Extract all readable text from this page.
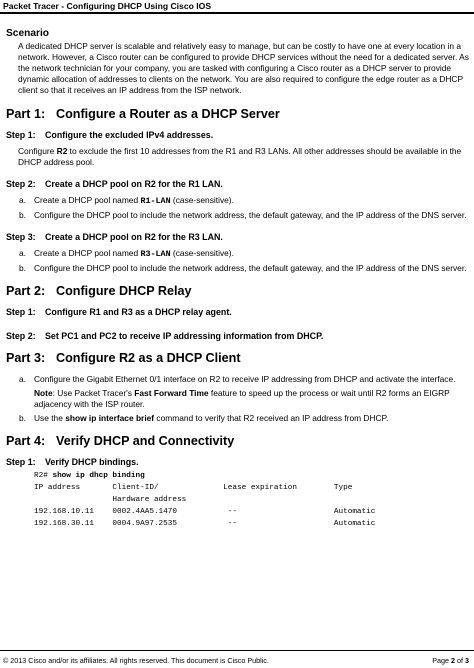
Packet Tracer - Configuring DHCP Using Cisco IOS
Scenario
A dedicated DHCP server is scalable and relatively easy to manage, but can be costly to have one at every location in a network. However, a Cisco router can be configured to provide DHCP services without the need for a dedicated server. As the network technician for your company, you are tasked with configuring a Cisco router as a DHCP server to provide dynamic allocation of addresses to clients on the network. You are also required to configure the edge router as a DHCP client so that it receives an IP address from the ISP network.
Part 1: Configure a Router as a DHCP Server
Step 1: Configure the excluded IPv4 addresses.
Configure R2 to exclude the first 10 addresses from the R1 and R3 LANs. All other addresses should be available in the DHCP address pool.
Step 2: Create a DHCP pool on R2 for the R1 LAN.
a. Create a DHCP pool named R1-LAN (case-sensitive).
b. Configure the DHCP pool to include the network address, the default gateway, and the IP address of the DNS server.
Step 3: Create a DHCP pool on R2 for the R3 LAN.
a. Create a DHCP pool named R3-LAN (case-sensitive).
b. Configure the DHCP pool to include the network address, the default gateway, and the IP address of the DNS server.
Part 2: Configure DHCP Relay
Step 1: Configure R1 and R3 as a DHCP relay agent.
Step 2: Set PC1 and PC2 to receive IP addressing information from DHCP.
Part 3: Configure R2 as a DHCP Client
a. Configure the Gigabit Ethernet 0/1 interface on R2 to receive IP addressing from DHCP and activate the interface.
Note: Use Packet Tracer's Fast Forward Time feature to speed up the process or wait until R2 forms an EIGRP adjacency with the ISP router.
b. Use the show ip interface brief command to verify that R2 received an IP address from DHCP.
Part 4: Verify DHCP and Connectivity
Step 1: Verify DHCP bindings.
R2# show ip dhcp binding
IP address       Client-ID/              Lease expiration        Type
Hardware address
192.168.10.11    0002.4AA5.1470           --                     Automatic
192.168.30.11    0004.9A97.2535           --                     Automatic
© 2013 Cisco and/or its affiliates. All rights reserved. This document is Cisco Public.	Page 2 of 3
